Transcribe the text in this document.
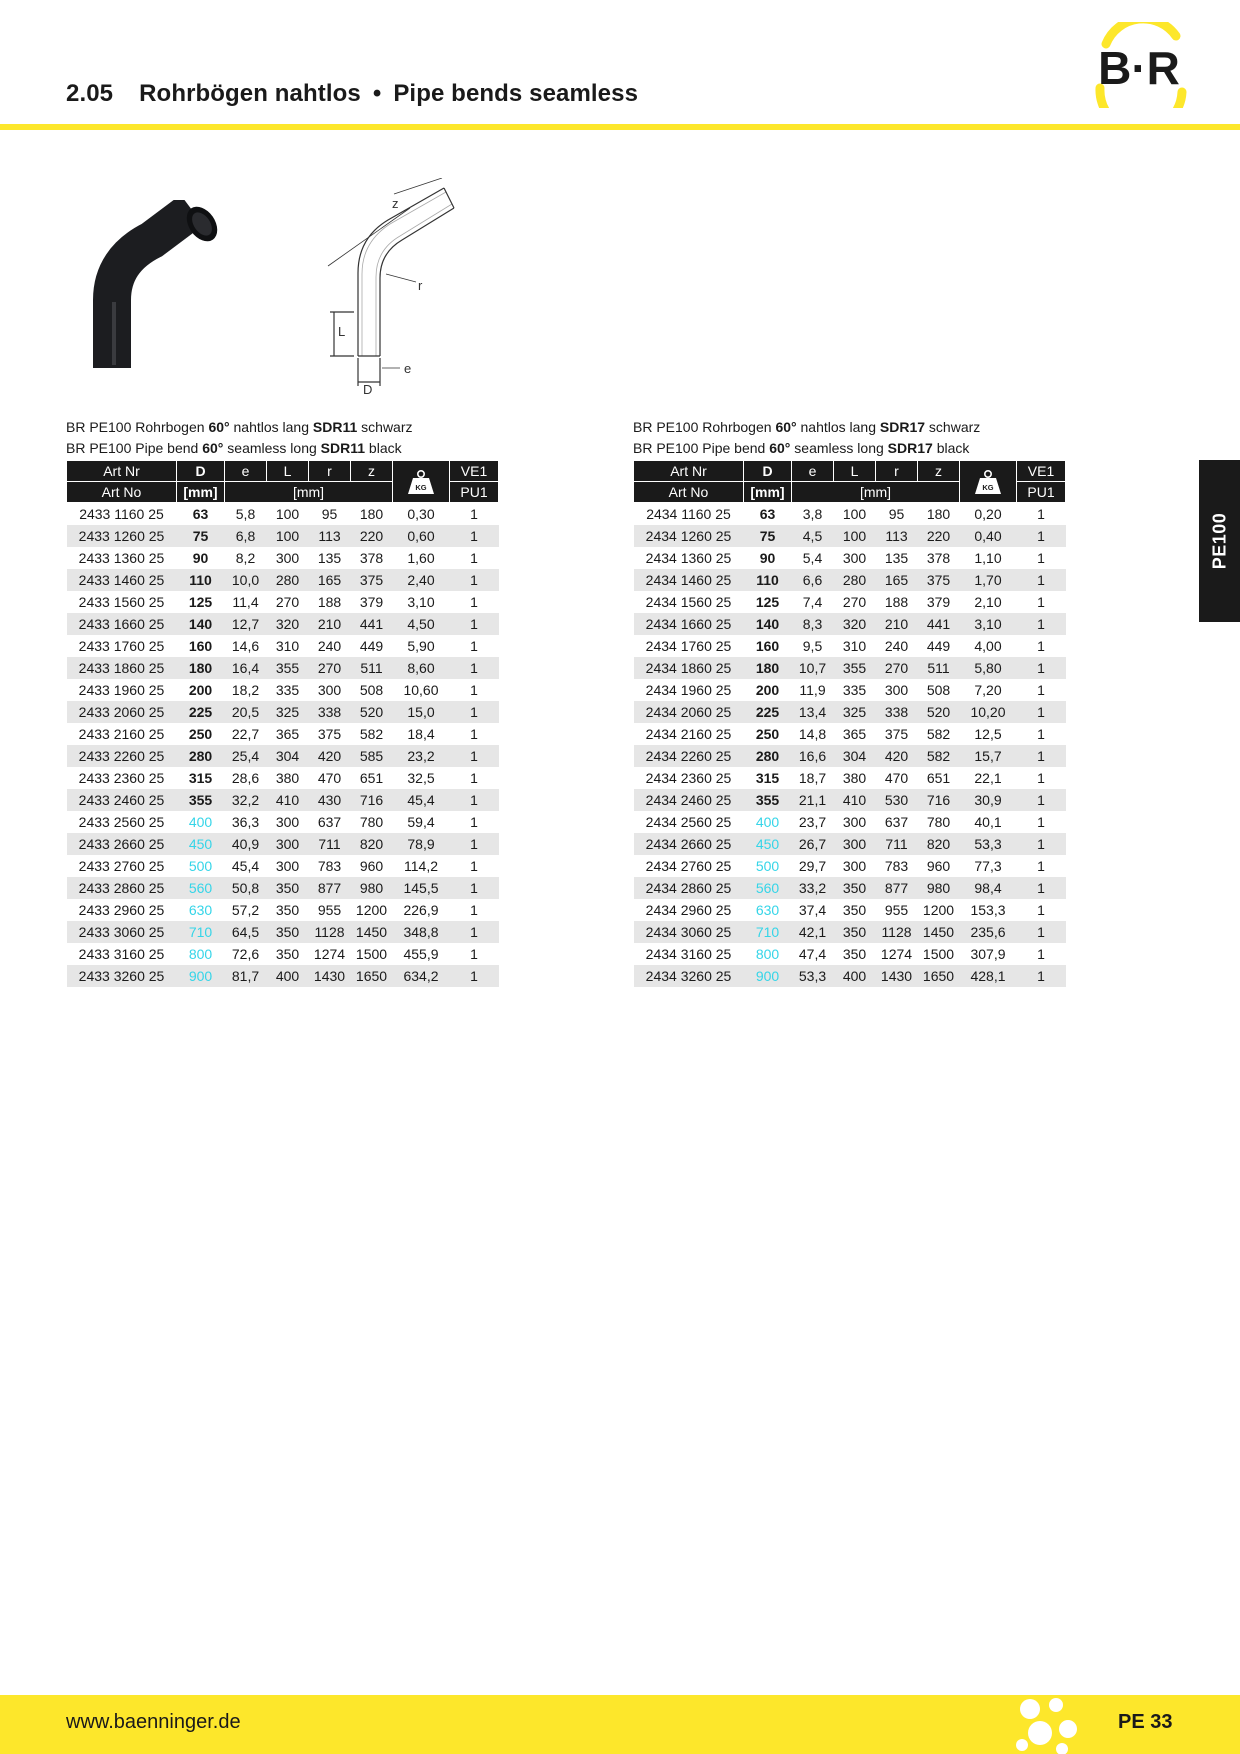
2.05 Rohrbögen nahtlos • Pipe bends seamless	B·R
PE100
z
r
L
e
D
BR PE100 Rohrbogen 60° nahtlos lang SDR11 schwarz
BR PE100 Pipe bend 60° seamless long SDR11 black
Art Nr	D	e	L	r	z	KG	VE1
Art No	[mm]	[mm]					PU1
2433 1160 25	63	5,8	100	95	180	0,30	1
2433 1260 25	75	6,8	100	113	220	0,60	1
2433 1360 25	90	8,2	300	135	378	1,60	1
2433 1460 25	110	10,0	280	165	375	2,40	1
2433 1560 25	125	11,4	270	188	379	3,10	1
2433 1660 25	140	12,7	320	210	441	4,50	1
2433 1760 25	160	14,6	310	240	449	5,90	1
2433 1860 25	180	16,4	355	270	511	8,60	1
2433 1960 25	200	18,2	335	300	508	10,60	1
2433 2060 25	225	20,5	325	338	520	15,0	1
2433 2160 25	250	22,7	365	375	582	18,4	1
2433 2260 25	280	25,4	304	420	585	23,2	1
2433 2360 25	315	28,6	380	470	651	32,5	1
2433 2460 25	355	32,2	410	430	716	45,4	1
2433 2560 25	400	36,3	300	637	780	59,4	1
2433 2660 25	450	40,9	300	711	820	78,9	1
2433 2760 25	500	45,4	300	783	960	114,2	1
2433 2860 25	560	50,8	350	877	980	145,5	1
2433 2960 25	630	57,2	350	955	1200	226,9	1
2433 3060 25	710	64,5	350	1128	1450	348,8	1
2433 3160 25	800	72,6	350	1274	1500	455,9	1
2433 3260 25	900	81,7	400	1430	1650	634,2	1
BR PE100 Rohrbogen 60° nahtlos lang SDR17 schwarz
BR PE100 Pipe bend 60° seamless long SDR17 black
Art Nr	D	e	L	r	z	KG	VE1
Art No	[mm]	[mm]					PU1
2434 1160 25	63	3,8	100	95	180	0,20	1
2434 1260 25	75	4,5	100	113	220	0,40	1
2434 1360 25	90	5,4	300	135	378	1,10	1
2434 1460 25	110	6,6	280	165	375	1,70	1
2434 1560 25	125	7,4	270	188	379	2,10	1
2434 1660 25	140	8,3	320	210	441	3,10	1
2434 1760 25	160	9,5	310	240	449	4,00	1
2434 1860 25	180	10,7	355	270	511	5,80	1
2434 1960 25	200	11,9	335	300	508	7,20	1
2434 2060 25	225	13,4	325	338	520	10,20	1
2434 2160 25	250	14,8	365	375	582	12,5	1
2434 2260 25	280	16,6	304	420	582	15,7	1
2434 2360 25	315	18,7	380	470	651	22,1	1
2434 2460 25	355	21,1	410	530	716	30,9	1
2434 2560 25	400	23,7	300	637	780	40,1	1
2434 2660 25	450	26,7	300	711	820	53,3	1
2434 2760 25	500	29,7	300	783	960	77,3	1
2434 2860 25	560	33,2	350	877	980	98,4	1
2434 2960 25	630	37,4	350	955	1200	153,3	1
2434 3060 25	710	42,1	350	1128	1450	235,6	1
2434 3160 25	800	47,4	350	1274	1500	307,9	1
2434 3260 25	900	53,3	400	1430	1650	428,1	1
www.baenninger.de	PE 33
